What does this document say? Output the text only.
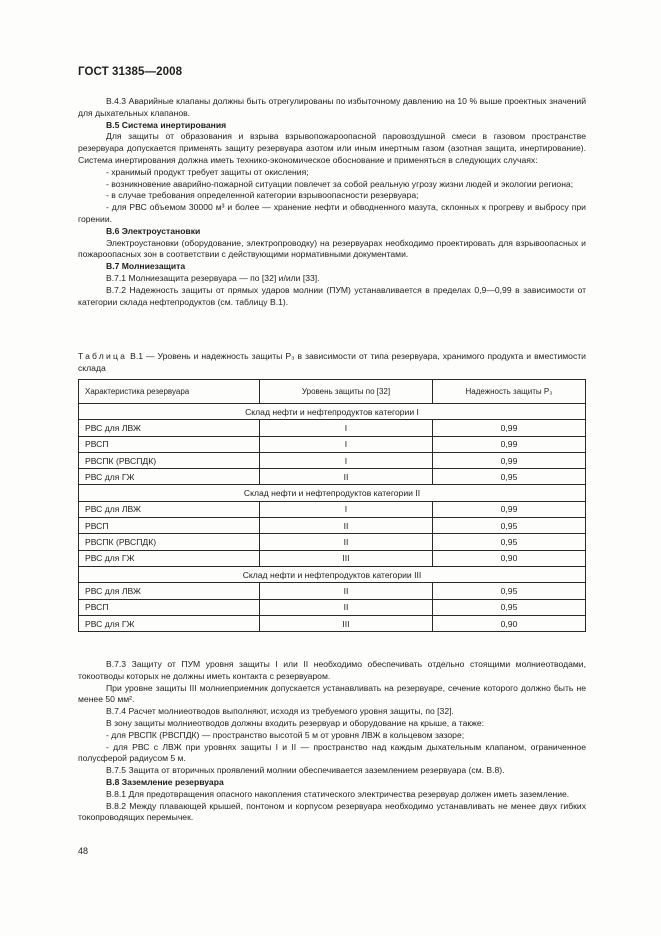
ГОСТ 31385—2008

В.4.3 Аварийные клапаны должны быть отрегулированы по избыточному давлению на 10 % выше проектных значений для дыхательных клапанов.

В.5 Система инертирования

Для защиты от образования и взрыва взрывопожароопасной паровоздушной смеси в газовом пространстве резервуара допускается применять защиту резервуара азотом или иным инертным газом (азотная защита, инертирование). Система инертирования должна иметь технико-экономическое обоснование и применяться в следующих случаях:

- хранимый продукт требует защиты от окисления;

- возникновение аварийно-пожарной ситуации повлечет за собой реальную угрозу жизни людей и экологии региона;

- в случае требования определенной категории взрывоопасности резервуара;

- для РВС объемом 30000 м³ и более — хранение нефти и обводненного мазута, склонных к прогреву и выбросу при горении.

В.6 Электроустановки

Электроустановки (оборудование, электропроводку) на резервуарах необходимо проектировать для взрывоопасных и пожароопасных зон в соответствии с действующими нормативными документами.

В.7 Молниезащита

В.7.1 Молниезащита резервуара — по [32] и/или [33].

В.7.2 Надежность защиты от прямых ударов молнии (ПУМ) устанавливается в пределах 0,9—0,99 в зависимости от категории склада нефтепродуктов (см. таблицу В.1).

Таблица В.1 — Уровень и надежность защиты P₃ в зависимости от типа резервуара, хранимого продукта и вместимости склада
Характеристика резервуара	Уровень защиты по [32]	Надежность защиты P₃
Склад нефти и нефтепродуктов категории I		
РВС для ЛВЖ	I	0,99
РВСП	I	0,99
РВСПК (РВСПДК)	I	0,99
РВС для ГЖ	II	0,95
Склад нефти и нефтепродуктов категории II		
РВС для ЛВЖ	I	0,99
РВСП	II	0,95
РВСПК (РВСПДК)	II	0,95
РВС для ГЖ	III	0,90
Склад нефти и нефтепродуктов категории III		
РВС для ЛВЖ	II	0,95
РВСП	II	0,95
РВС для ГЖ	III	0,90

В.7.3 Защиту от ПУМ уровня защиты I или II необходимо обеспечивать отдельно стоящими молниеотводами, токоотводы которых не должны иметь контакта с резервуаром.

При уровне защиты III молниеприемник допускается устанавливать на резервуаре, сечение которого должно быть не менее 50 мм².

В.7.4 Расчет молниеотводов выполняют, исходя из требуемого уровня защиты, по [32].

В зону защиты молниеотводов должны входить резервуар и оборудование на крыше, а также:

- для РВСПК (РВСПДК) — пространство высотой 5 м от уровня ЛВЖ в кольцевом зазоре;

- для РВС с ЛВЖ при уровнях защиты I и II — пространство над каждым дыхательным клапаном, ограниченное полусферой радиусом 5 м.

В.7.5 Защита от вторичных проявлений молнии обеспечивается заземлением резервуара (см. В.8).

В.8 Заземление резервуара

В.8.1 Для предотвращения опасного накопления статического электричества резервуар должен иметь заземление.

В.8.2 Между плавающей крышей, понтоном и корпусом резервуара необходимо устанавливать не менее двух гибких токопроводящих перемычек.

48
